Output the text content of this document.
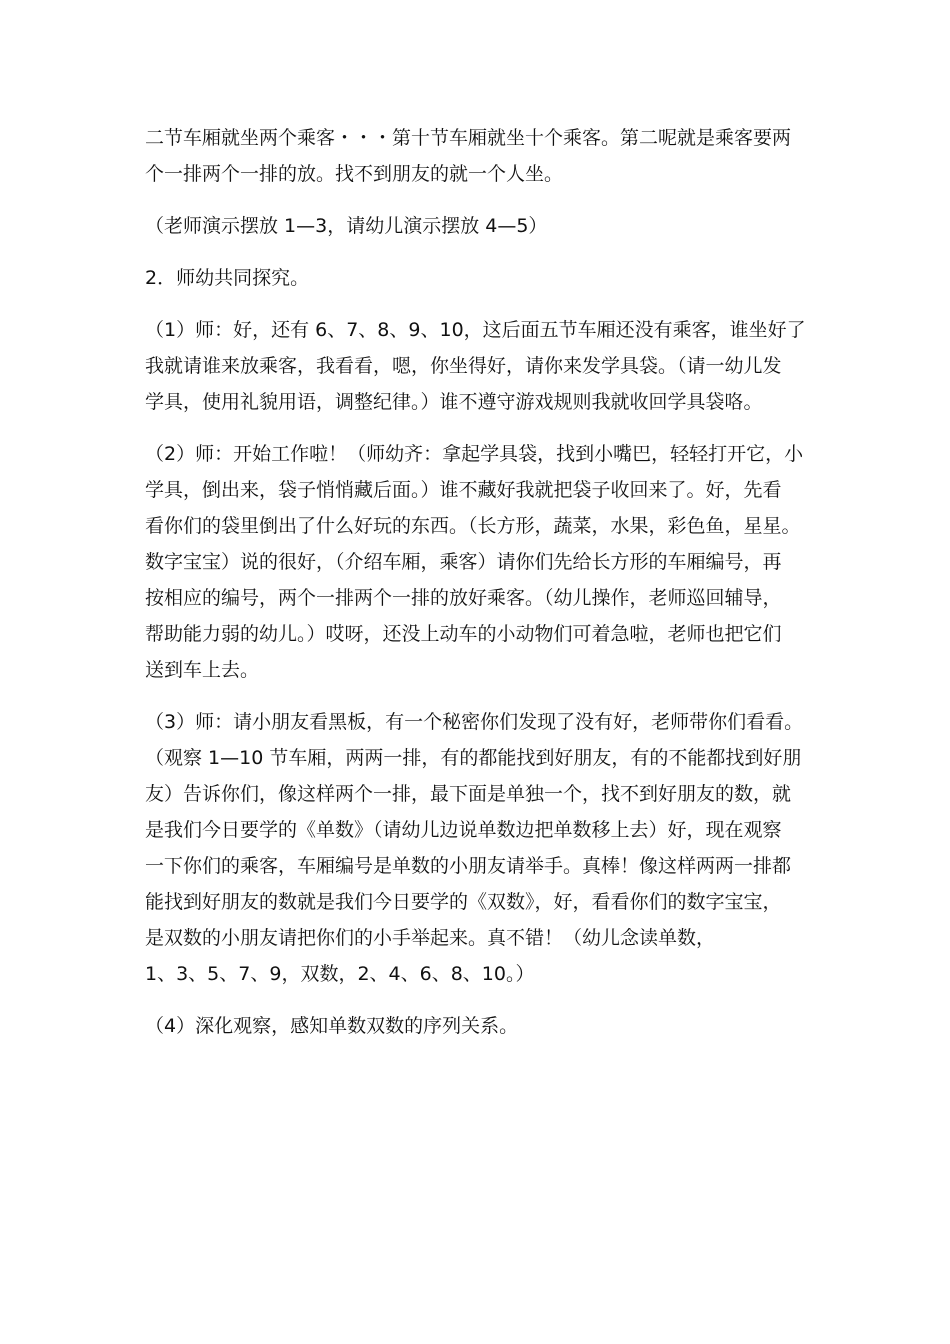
二节车厢就坐两个乘客・・・第十节车厢就坐十个乘客。第二呢就是乘客要两
个一排两个一排的放。找不到朋友的就一个人坐。

（老师演示摆放 1—3，请幼儿演示摆放 4—5）

2．师幼共同探究。

（1）师：好，还有 6、7、8、9、10，这后面五节车厢还没有乘客，谁坐好了
我就请谁来放乘客，我看看，嗯，你坐得好，请你来发学具袋。（请一幼儿发
学具，使用礼貌用语，调整纪律。）谁不遵守游戏规则我就收回学具袋咯。

（2）师：开始工作啦！（师幼齐：拿起学具袋，找到小嘴巴，轻轻打开它，小
学具，倒出来，袋子悄悄藏后面。）谁不藏好我就把袋子收回来了。好，先看
看你们的袋里倒出了什么好玩的东西。（长方形，蔬菜，水果，彩色鱼，星星。
数字宝宝）说的很好，（介绍车厢，乘客）请你们先给长方形的车厢编号，再
按相应的编号，两个一排两个一排的放好乘客。（幼儿操作，老师巡回辅导，
帮助能力弱的幼儿。）哎呀，还没上动车的小动物们可着急啦，老师也把它们
送到车上去。

（3）师：请小朋友看黑板，有一个秘密你们发现了没有好，老师带你们看看。
（观察 1—10 节车厢，两两一排，有的都能找到好朋友，有的不能都找到好朋
友）告诉你们，像这样两个一排，最下面是单独一个，找不到好朋友的数，就
是我们今日要学的《单数》（请幼儿边说单数边把单数移上去）好，现在观察
一下你们的乘客，车厢编号是单数的小朋友请举手。真棒！像这样两两一排都
能找到好朋友的数就是我们今日要学的《双数》，好，看看你们的数字宝宝，
是双数的小朋友请把你们的小手举起来。真不错！（幼儿念读单数，
1、3、5、7、9，双数，2、4、6、8、10。）

（4）深化观察，感知单数双数的序列关系。
